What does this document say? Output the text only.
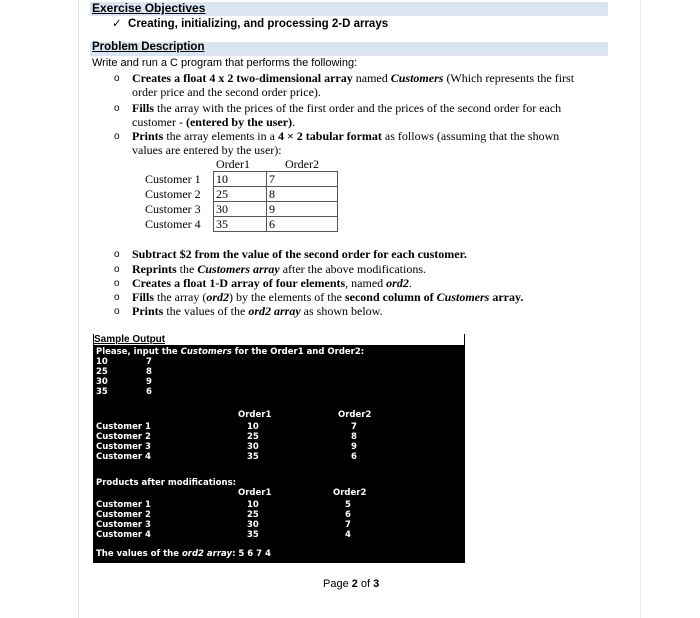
Exercise Objectives
✓ Creating, initializing, and processing 2-D arrays
Problem Description
Write and run a C program that performs the following:
o Creates a float 4 x 2 two-dimensional array named Customers (Which represents the first
order price and the second order price).
o Fills the array with the prices of the first order and the prices of the second order for each
customer - (entered by the user).
o Prints the array elements in a 4 × 2 tabular format as follows (assuming that the shown
values are entered by the user):
Order1	Order2
Customer 1	10	7
Customer 2	25	8
Customer 3	30	9
Customer 4	35	6
o Subtract $2 from the value of the second order for each customer.
o Reprints the Customers array after the above modifications.
o Creates a float 1-D array of four elements, named ord2.
o Fills the array (ord2) by the elements of the second column of Customers array.
o Prints the values of the ord2 array as shown below.
Sample Output
Please, input the Customers for the Order1 and Order2:
10	7
25	8
30	9
35	6
Order1	Order2
Customer 1	10	7
Customer 2	25	8
Customer 3	30	9
Customer 4	35	6
Products after modifications:
Order1	Order2
Customer 1	10	5
Customer 2	25	6
Customer 3	30	7
Customer 4	35	4
The values of the ord2 array: 5 6 7 4
Page 2 of 3
